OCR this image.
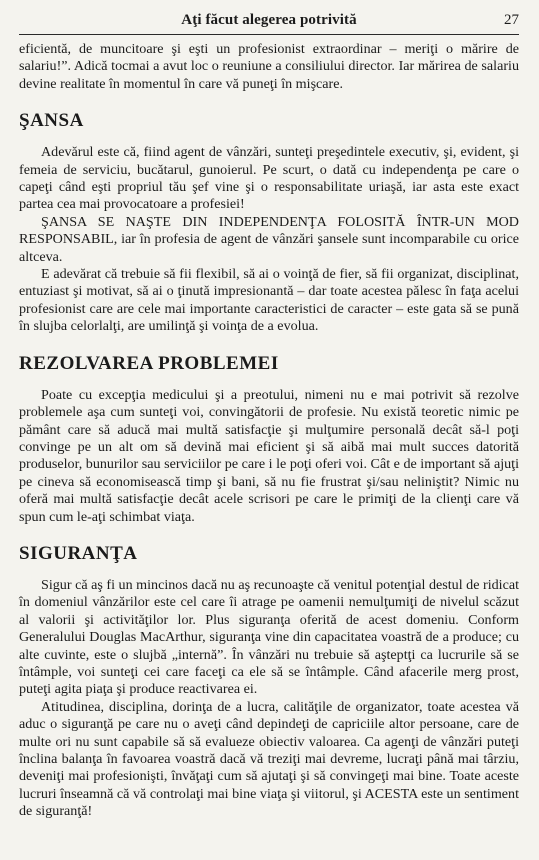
Aţi făcut alegerea potrivită	27

eficientă, de muncitoare şi eşti un profesionist extraordinar – meriţi o mărire de salariu!”. Adică tocmai a avut loc o reuniune a consiliului director. Iar mărirea de salariu devine realitate în momentul în care vă puneţi în mişcare.

ŞANSA

Adevărul este că, fiind agent de vânzări, sunteţi preşedintele executiv, şi, evident, şi femeia de serviciu, bucătarul, gunoierul. Pe scurt, o dată cu independenţa pe care o capeţi când eşti propriul tău şef vine şi o responsabilitate uriaşă, iar asta este exact partea cea mai provocatoare a profesiei!

ŞANSA SE NAŞTE DIN INDEPENDENŢA FOLOSITĂ ÎNTR-UN MOD RESPONSABIL, iar în profesia de agent de vânzări şansele sunt incomparabile cu orice altceva.

E adevărat că trebuie să fii flexibil, să ai o voinţă de fier, să fii organizat, disciplinat, entuziast şi motivat, să ai o ţinută impresionantă – dar toate acestea pălesc în faţa acelui profesionist care are cele mai importante caracteristici de caracter – este gata să se pună în slujba celorlalţi, are umilinţă şi voinţa de a evolua.

REZOLVAREA PROBLEMEI

Poate cu excepţia medicului şi a preotului, nimeni nu e mai potrivit să rezolve problemele aşa cum sunteţi voi, convingătorii de profesie. Nu există teoretic nimic pe pământ care să aducă mai multă satisfacţie şi mulţumire personală decât să-l poţi convinge pe un alt om să devină mai eficient şi să aibă mai mult succes datorită produselor, bunurilor sau serviciilor pe care i le poţi oferi voi. Cât e de important să ajuţi pe cineva să economisească timp şi bani, să nu fie frustrat şi/sau neliniştit? Nimic nu oferă mai multă satisfacţie decât acele scrisori pe care le primiţi de la clienţi care vă spun cum le-aţi schimbat viaţa.

SIGURANŢA

Sigur că aş fi un mincinos dacă nu aş recunoaşte că venitul potenţial destul de ridicat în domeniul vânzărilor este cel care îi atrage pe oamenii nemulţumiţi de nivelul scăzut al valorii şi activităţilor lor. Plus siguranţa oferită de acest domeniu. Conform Generalului Douglas MacArthur, siguranţa vine din capacitatea voastră de a produce; cu alte cuvinte, este o slujbă „internă”. În vânzări nu trebuie să aşteptţi ca lucrurile să se întâmple, voi sunteţi cei care faceţi ca ele să se întâmple. Când afacerile merg prost, puteţi agita piaţa şi produce reactivarea ei.

Atitudinea, disciplina, dorinţa de a lucra, calităţile de organizator, toate acestea vă aduc o siguranţă pe care nu o aveţi când depindeţi de capriciile altor persoane, care de multe ori nu sunt capabile să să evalueze obiectiv valoarea. Ca agenţi de vânzări puteţi înclina balanţa în favoarea voastră dacă vă treziţi mai devreme, lucraţi până mai târziu, deveniţi mai profesionişti, învăţaţi cum să ajutaţi şi să convingeţi mai bine. Toate aceste lucruri înseamnă că vă controlaţi mai bine viaţa şi viitorul, şi ACESTA este un sentiment de siguranţă!
